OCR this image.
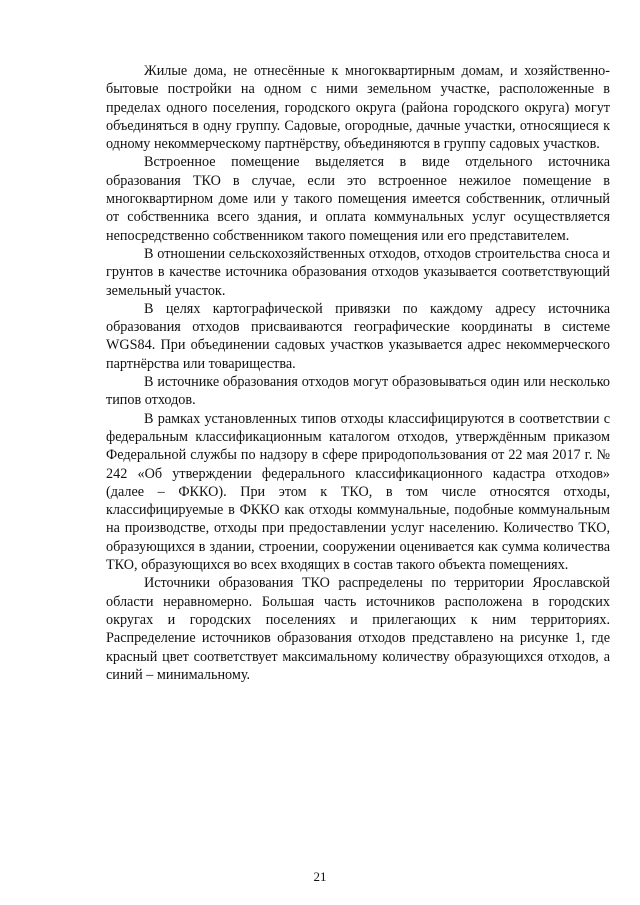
Жилые дома, не отнесённые к многоквартирным домам, и хозяйственно-бытовые постройки на одном с ними земельном участке, расположенные в пределах одного поселения, городского округа (района городского округа) могут объединяться в одну группу. Садовые, огородные, дачные участки, относящиеся к одному некоммерческому партнёрству, объединяются в группу садовых участков.

Встроенное помещение выделяется в виде отдельного источника образования ТКО в случае, если это встроенное нежилое помещение в многоквартирном доме или у такого помещения имеется собственник, отличный от собственника всего здания, и оплата коммунальных услуг осуществляется непосредственно собственником такого помещения или его представителем.

В отношении сельскохозяйственных отходов, отходов строительства сноса и грунтов в качестве источника образования отходов указывается соответствующий земельный участок.

В целях картографической привязки по каждому адресу источника образования отходов присваиваются географические координаты в системе WGS84. При объединении садовых участков указывается адрес некоммерческого партнёрства или товарищества.

В источнике образования отходов могут образовываться один или несколько типов отходов.

В рамках установленных типов отходы классифицируются в соответствии с федеральным классификационным каталогом отходов, утверждённым приказом Федеральной службы по надзору в сфере природопользования от 22 мая 2017 г. № 242 «Об утверждении федерального классификационного кадастра отходов» (далее – ФККО). При этом к ТКО, в том числе относятся отходы, классифицируемые в ФККО как отходы коммунальные, подобные коммунальным на производстве, отходы при предоставлении услуг населению. Количество ТКО, образующихся в здании, строении, сооружении оценивается как сумма количества ТКО, образующихся во всех входящих в состав такого объекта помещениях.

Источники образования ТКО распределены по территории Ярославской области неравномерно. Большая часть источников расположена в городских округах и городских поселениях и прилегающих к ним территориях. Распределение источников образования отходов представлено на рисунке 1, где красный цвет соответствует максимальному количеству образующихся отходов, а синий – минимальному.

21
